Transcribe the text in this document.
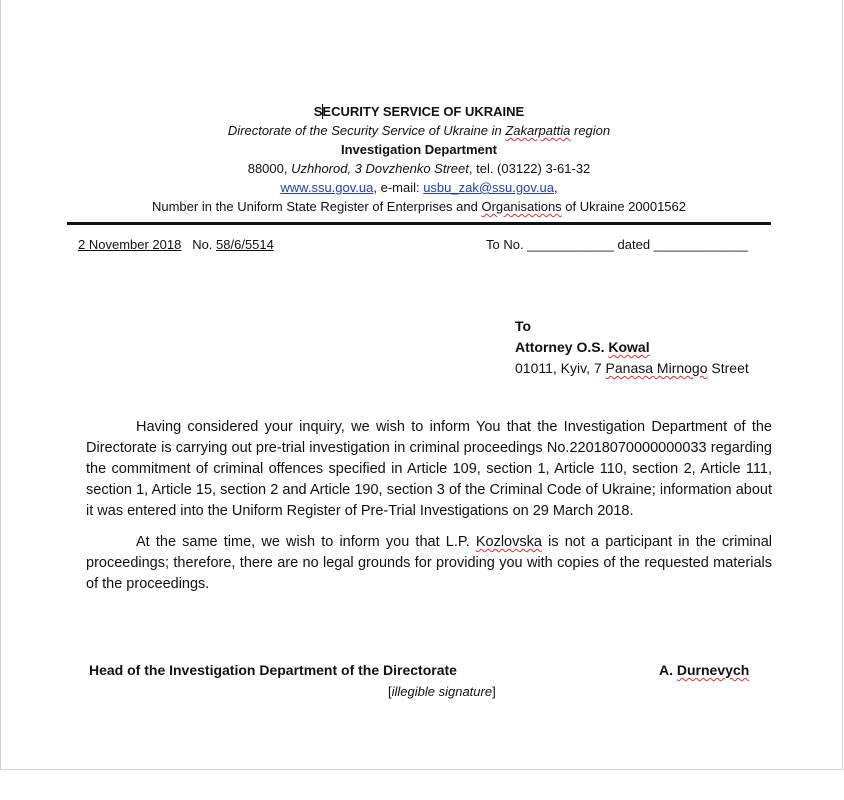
SECURITY SERVICE OF UKRAINE
Directorate of the Security Service of Ukraine in Zakarpattia region
Investigation Department
88000, Uzhhorod, 3 Dovzhenko Street, tel. (03122) 3-61-32
www.ssu.gov.ua, e-mail: usbu_zak@ssu.gov.ua,
Number in the Uniform State Register of Enterprises and Organisations of Ukraine 20001562
2 November 2018 No. 58/6/5514	To No. ____________ dated _____________
To
Attorney O.S. Kowal
01011, Kyiv, 7 Panasa Mirnogo Street

Having considered your inquiry, we wish to inform You that the Investigation Department of the Directorate is carrying out pre-trial investigation in criminal proceedings No.22018070000000033 regarding the commitment of criminal offences specified in Article 109, section 1, Article 110, section 2, Article 111, section 1, Article 15, section 2 and Article 190, section 3 of the Criminal Code of Ukraine; information about it was entered into the Uniform Register of Pre-Trial Investigations on 29 March 2018.

At the same time, we wish to inform you that L.P. Kozlovska is not a participant in the criminal proceedings; therefore, there are no legal grounds for providing you with copies of the requested materials of the proceedings.

Head of the Investigation Department of the Directorate
[illegible signature]
A. Durnevych
